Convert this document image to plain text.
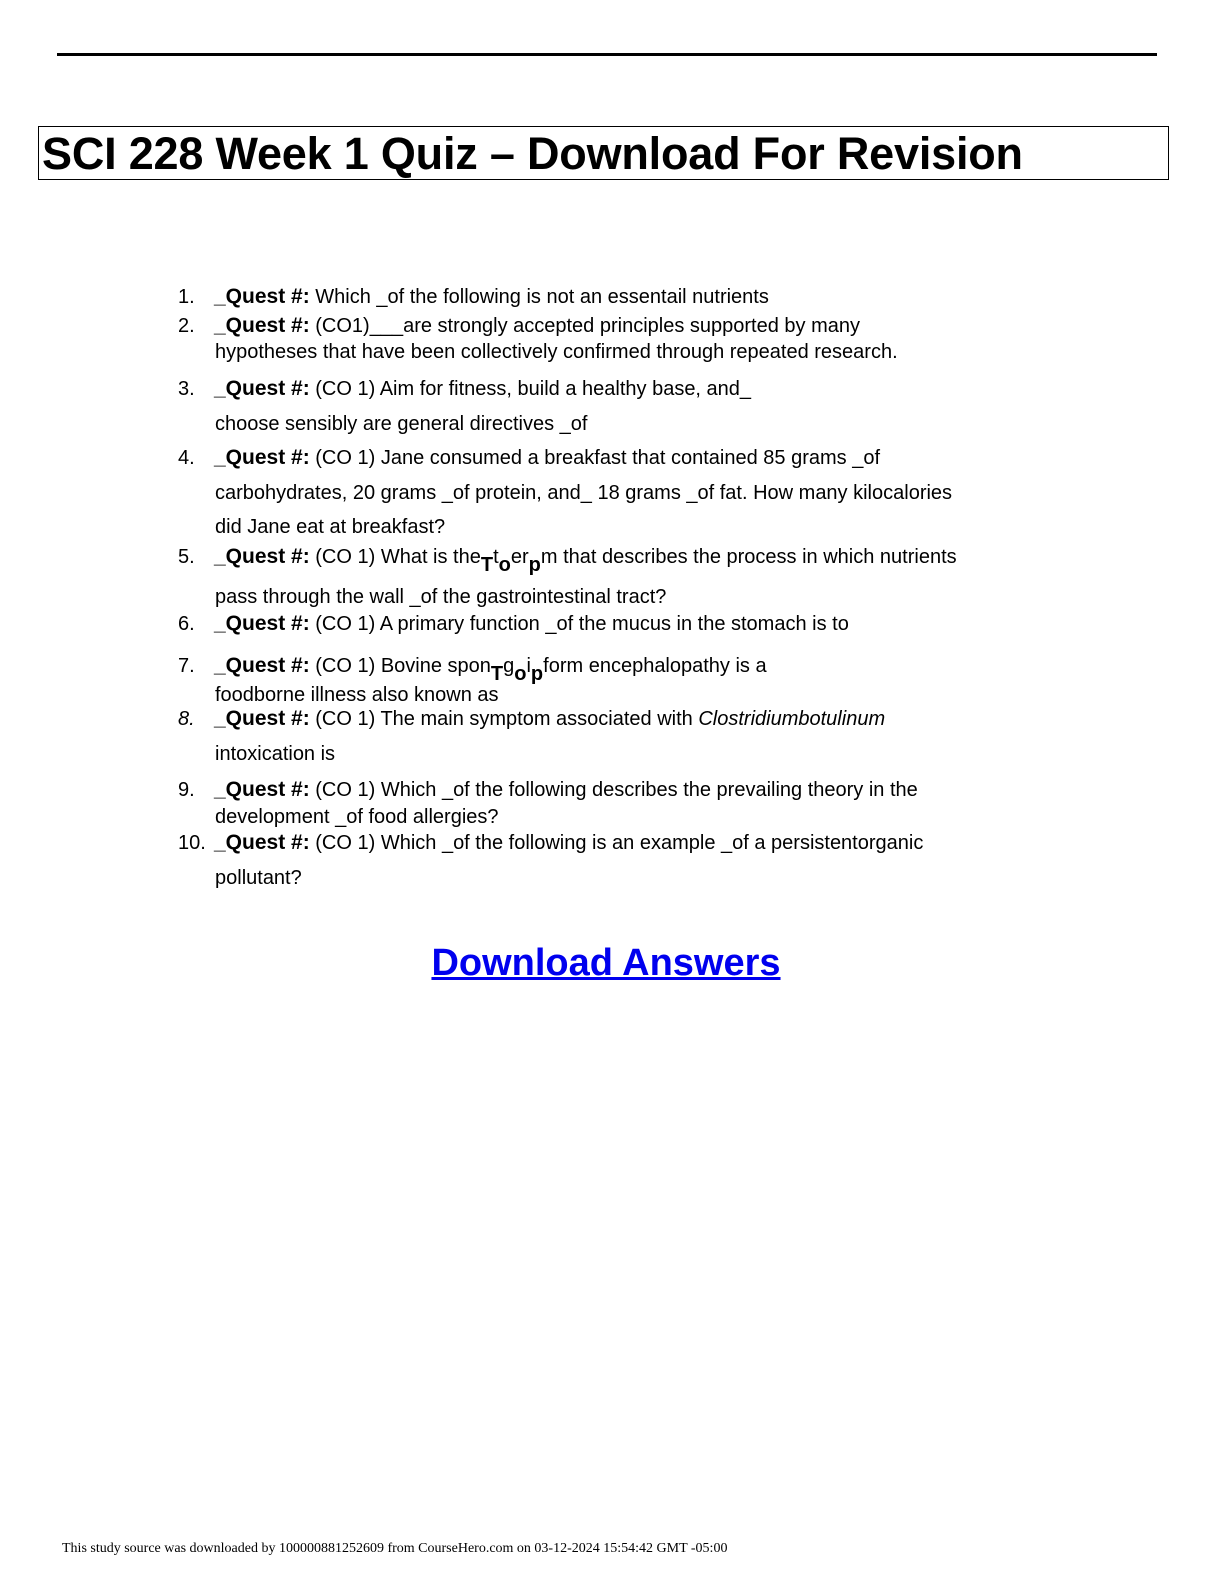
SCI 228 Week 1 Quiz – Download For Revision
1. _Quest #: Which _of the following is not an essentail nutrients
2. _Quest #: (CO1)___are strongly accepted principles supported by many
hypotheses that have been collectively confirmed through repeated research.
3. _Quest #: (CO 1) Aim for fitness, build a healthy base, and_
choose sensibly are general directives _of
4. _Quest #: (CO 1) Jane consumed a breakfast that contained 85 grams _of
carbohydrates, 20 grams _of protein, and_ 18 grams _of fat. How many kilocalories
did Jane eat at breakfast?
5. _Quest #: (CO 1) What is theTtoerpm that describes the process in which nutrients
pass through the wall _of the gastrointestinal tract?
6. _Quest #: (CO 1) A primary function _of the mucus in the stomach is to
7. _Quest #: (CO 1) Bovine sponTgoipform encephalopathy is a
foodborne illness also known as
8. _Quest #: (CO 1) The main symptom associated with Clostridiumbotulinum
intoxication is
9. _Quest #: (CO 1) Which _of the following describes the prevailing theory in the
development _of food allergies?
10. _Quest #: (CO 1) Which _of the following is an example _of a persistentorganic
pollutant?
Download Answers
This study source was downloaded by 100000881252609 from CourseHero.com on 03-12-2024 15:54:42 GMT -05:00
